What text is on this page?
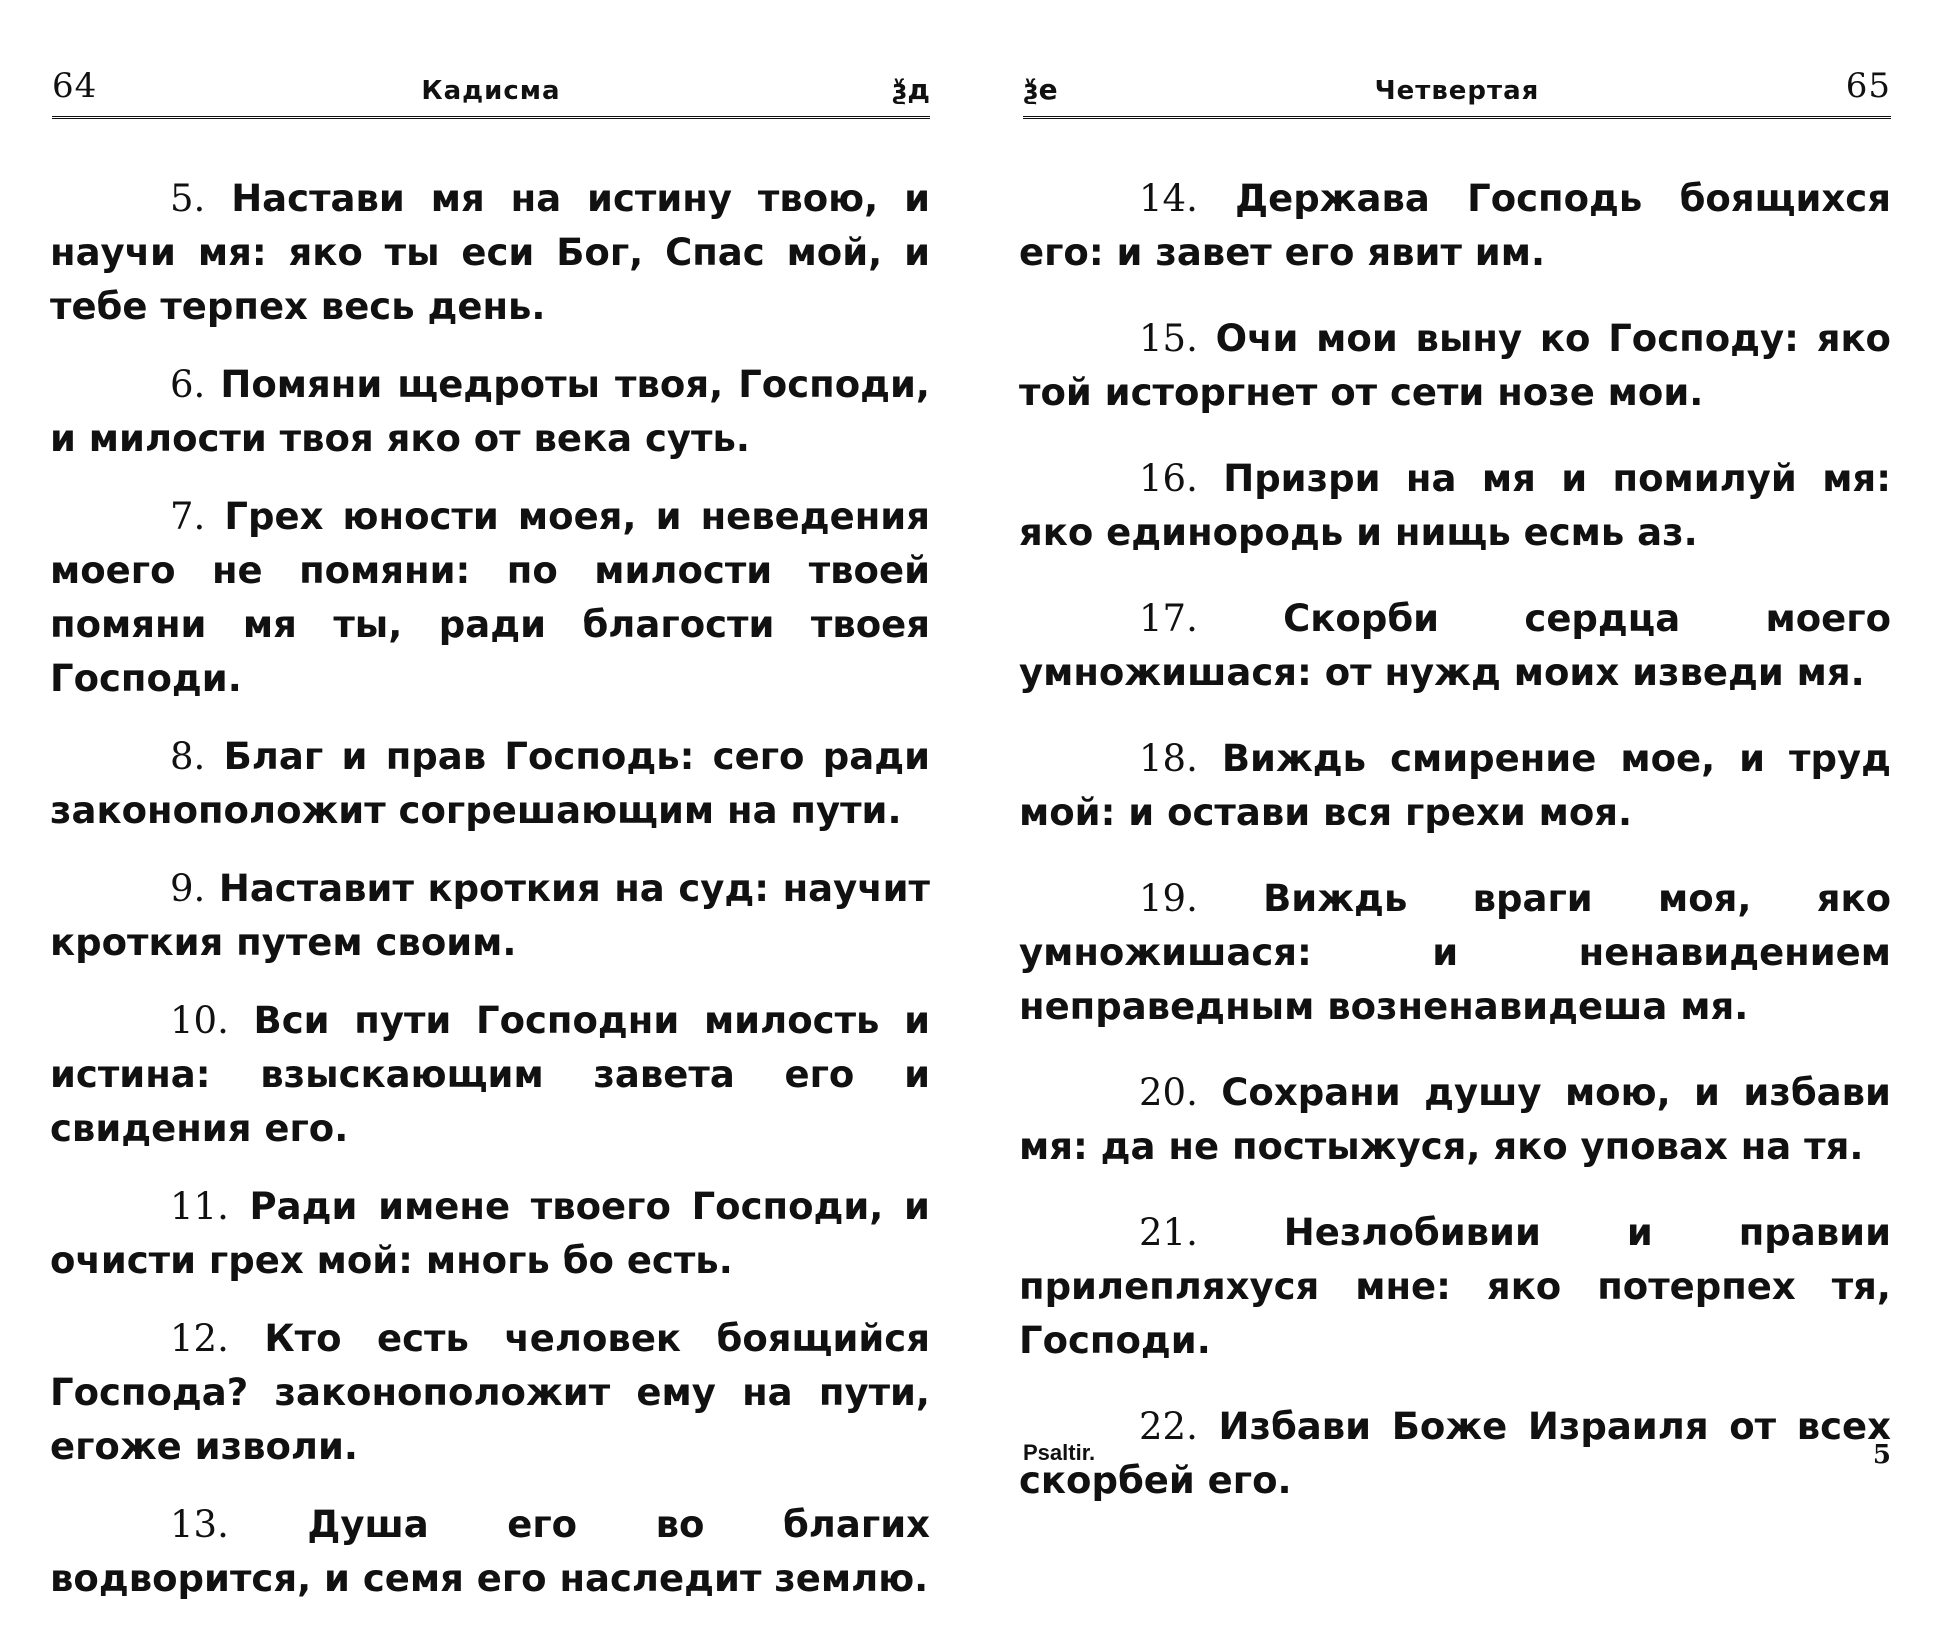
64	Кадисма	ѯд

5. Настави мя на истину твою, и научи мя: яко ты еси Бог, Спас мой, и тебе терпех весь день.

6. Помяни щедроты твоя, Господи, и милости твоя яко от века суть.

7. Грех юности моея, и неведения моего не помяни: по милости твоей помяни мя ты, ради благости твоея Господи.

8. Благ и прав Господь: сего ради законоположит согрешающим на пути.

9. Наставит кроткия на суд: научит кроткия путем своим.

10. Вси пути Господни милость и истина: взыскающим завета его и свидения его.

11. Ради имене твоего Господи, и очисти грех мой: многь бо есть.

12. Кто есть человек боящийся Господа? законоположит ему на пути, егоже изволи.

13. Душа его во благих водворится, и семя его наследит землю.

ѯе	Четвертая	65

14. Держава Господь боящихся его: и завет его явит им.

15. Очи мои выну ко Господу: яко той исторгнет от сети нозе мои.

16. Призри на мя и помилуй мя: яко единородь и нищь есмь аз.

17. Скорби сердца моего умножишася: от нужд моих изведи мя.

18. Виждь смирение мое, и труд мой: и остави вся грехи моя.

19. Виждь враги моя, яко умножишася: и ненавидением неправедным возненавидеша мя.

20. Сохрани душу мою, и избави мя: да не постыжуся, яко уповах на тя.

21. Незлобивии и правии прилепляхуся мне: яко потерпех тя, Господи.

22. Избави Боже Израиля от всех скорбей его.

Psaltir.	5
